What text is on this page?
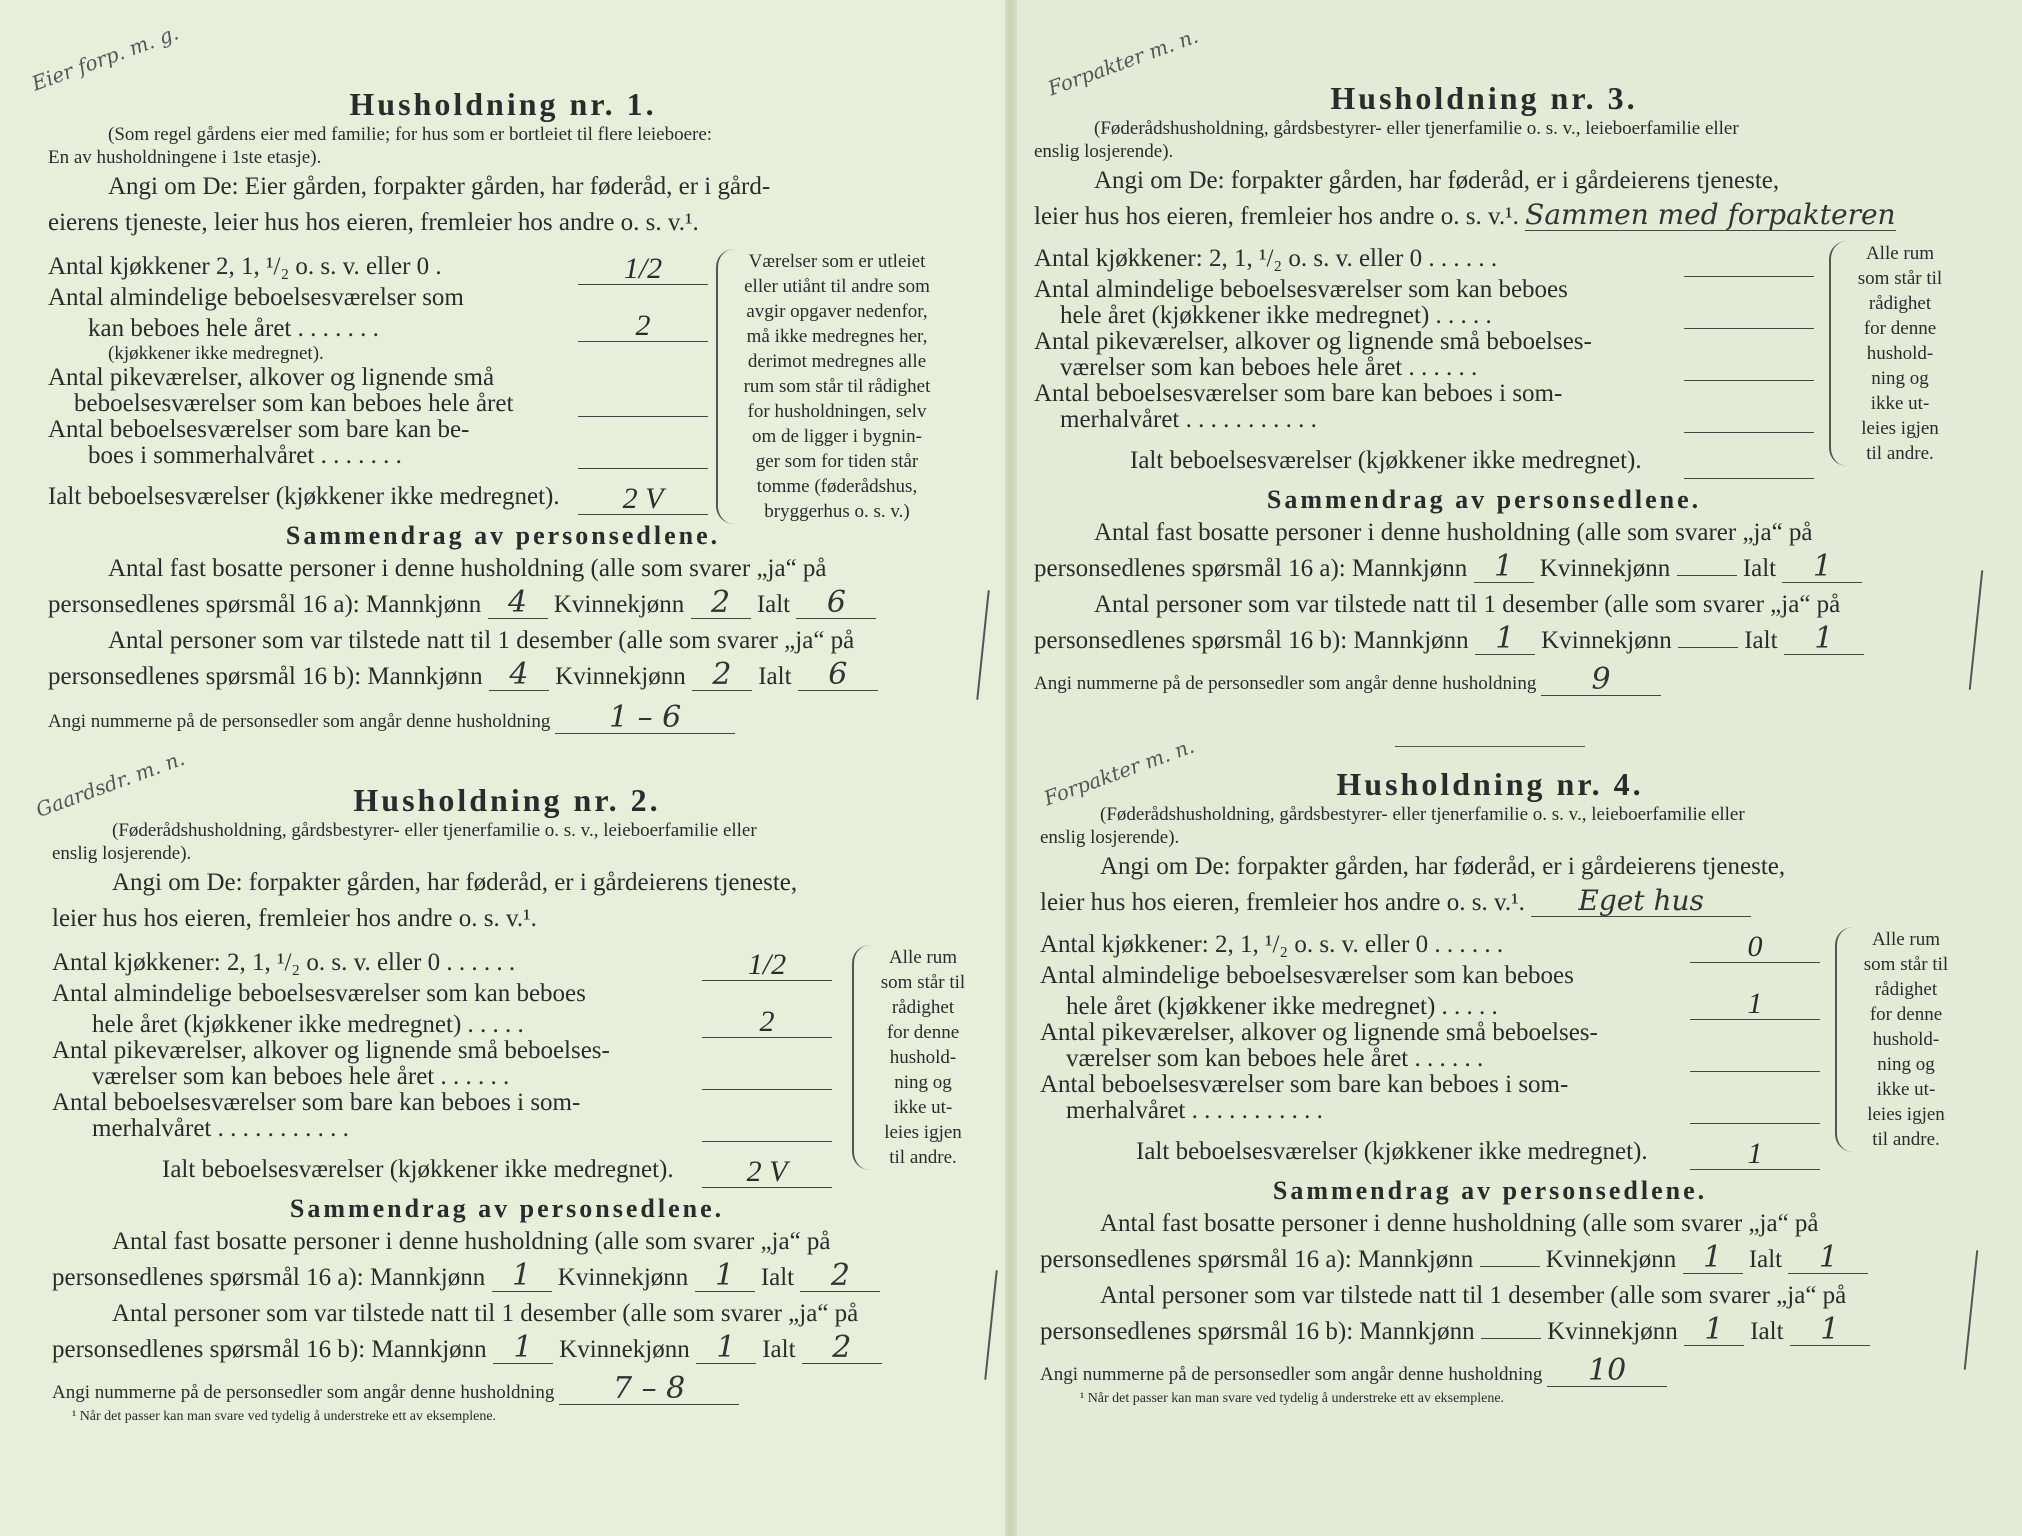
Eier forp. m. g.
Husholdning nr. 1.
(Som regel gårdens eier med familie; for hus som er bortleiet til flere leieboere:
En av husholdningene i 1ste etasje).
Angi om De: Eier gården, forpakter gården, har føderåd, er i gård-
eierens tjeneste, leier hus hos eieren, fremleier hos andre o. s. v.¹.
Antal kjøkkener 2, 1, ¹/₂ o. s. v. eller 0 .	1/2
Antal almindelige beboelsesværelser som
kan beboes hele året . . . . . . .	2
(kjøkkener ikke medregnet).
Antal pikeværelser, alkover og lignende små
beboelsesværelser som kan beboes hele året
Antal beboelsesværelser som bare kan be-
boes i sommerhalvåret . . . . . . .
Ialt beboelsesværelser (kjøkkener ikke medregnet).	2 V
Værelser som er utleiet
eller utiånt til andre som
avgir opgaver nedenfor,
må ikke medregnes her,
derimot medregnes alle
rum som står til rådighet
for husholdningen, selv
om de ligger i bygnin-
ger som for tiden står
tomme (føderådshus,
bryggerhus o. s. v.)
Sammendrag av personsedlene.
Antal fast bosatte personer i denne husholdning (alle som svarer „ja“ på
personsedlenes spørsmål 16 a): Mannkjønn 4 Kvinnekjønn 2 Ialt 6
Antal personer som var tilstede natt til 1 desember (alle som svarer „ja“ på
personsedlenes spørsmål 16 b): Mannkjønn 4 Kvinnekjønn 2 Ialt 6
Angi nummerne på de personsedler som angår denne husholdning 1 – 6
Gaardsdr. m. n.	Husholdning nr. 2.
(Føderådshusholdning, gårdsbestyrer- eller tjenerfamilie o. s. v., leieboerfamilie eller
enslig losjerende).
Angi om De: forpakter gården, har føderåd, er i gårdeierens tjeneste,
leier hus hos eieren, fremleier hos andre o. s. v.¹.
Antal kjøkkener: 2, 1, ¹/₂ o. s. v. eller 0 . . . . . .	1/2
Antal almindelige beboelsesværelser som kan beboes
hele året (kjøkkener ikke medregnet) . . . . .	2
Antal pikeværelser, alkover og lignende små beboelses-
værelser som kan beboes hele året . . . . . .
Antal beboelsesværelser som bare kan beboes i som-
merhalvåret . . . . . . . . . . .
Ialt beboelsesværelser (kjøkkener ikke medregnet).	2 V
Alle rum
som står til
rådighet
for denne
hushold-
ning og
ikke ut-
leies igjen
til andre.
Sammendrag av personsedlene.
Antal fast bosatte personer i denne husholdning (alle som svarer „ja“ på
personsedlenes spørsmål 16 a): Mannkjønn 1 Kvinnekjønn 1 Ialt 2
Antal personer som var tilstede natt til 1 desember (alle som svarer „ja“ på
personsedlenes spørsmål 16 b): Mannkjønn 1 Kvinnekjønn 1 Ialt 2
Angi nummerne på de personsedler som angår denne husholdning 7 – 8
¹ Når det passer kan man svare ved tydelig å understreke ett av eksemplene.
Forpakter m. n.	Husholdning nr. 3.
(Føderådshusholdning, gårdsbestyrer- eller tjenerfamilie o. s. v., leieboerfamilie eller
enslig losjerende).
Angi om De: forpakter gården, har føderåd, er i gårdeierens tjeneste,
leier hus hos eieren, fremleier hos andre o. s. v.¹. Sammen med forpakteren
Antal kjøkkener: 2, 1, ¹/₂ o. s. v. eller 0 . . . . . .
Antal almindelige beboelsesværelser som kan beboes
hele året (kjøkkener ikke medregnet) . . . . .
Antal pikeværelser, alkover og lignende små beboelses-
værelser som kan beboes hele året . . . . . .
Antal beboelsesværelser som bare kan beboes i som-
merhalvåret . . . . . . . . . . .
Ialt beboelsesværelser (kjøkkener ikke medregnet).
Alle rum
som står til
rådighet
for denne
hushold-
ning og
ikke ut-
leies igjen
til andre.
Sammendrag av personsedlene.
Antal fast bosatte personer i denne husholdning (alle som svarer „ja“ på
personsedlenes spørsmål 16 a): Mannkjønn 1 Kvinnekjønn	Ialt 1
Antal personer som var tilstede natt til 1 desember (alle som svarer „ja“ på
personsedlenes spørsmål 16 b): Mannkjønn 1 Kvinnekjønn	Ialt 1
Angi nummerne på de personsedler som angår denne husholdning 9
Forpakter m. n.	Husholdning nr. 4.
(Føderådshusholdning, gårdsbestyrer- eller tjenerfamilie o. s. v., leieboerfamilie eller
enslig losjerende).
Angi om De: forpakter gården, har føderåd, er i gårdeierens tjeneste,
leier hus hos eieren, fremleier hos andre o. s. v.¹. Eget hus
Antal kjøkkener: 2, 1, ¹/₂ o. s. v. eller 0 . . . . . .	0
Antal almindelige beboelsesværelser som kan beboes
hele året (kjøkkener ikke medregnet) . . . . .	1
Antal pikeværelser, alkover og lignende små beboelses-
værelser som kan beboes hele året . . . . . .
Antal beboelsesværelser som bare kan beboes i som-
merhalvåret . . . . . . . . . . .
Ialt beboelsesværelser (kjøkkener ikke medregnet).	1
Alle rum
som står til
rådighet
for denne
hushold-
ning og
ikke ut-
leies igjen
til andre.
Sammendrag av personsedlene.
Antal fast bosatte personer i denne husholdning (alle som svarer „ja“ på
personsedlenes spørsmål 16 a): Mannkjønn	Kvinnekjønn 1 Ialt 1
Antal personer som var tilstede natt til 1 desember (alle som svarer „ja“ på
personsedlenes spørsmål 16 b): Mannkjønn	Kvinnekjønn 1 Ialt 1
Angi nummerne på de personsedler som angår denne husholdning 10
¹ Når det passer kan man svare ved tydelig å understreke ett av eksemplene.
